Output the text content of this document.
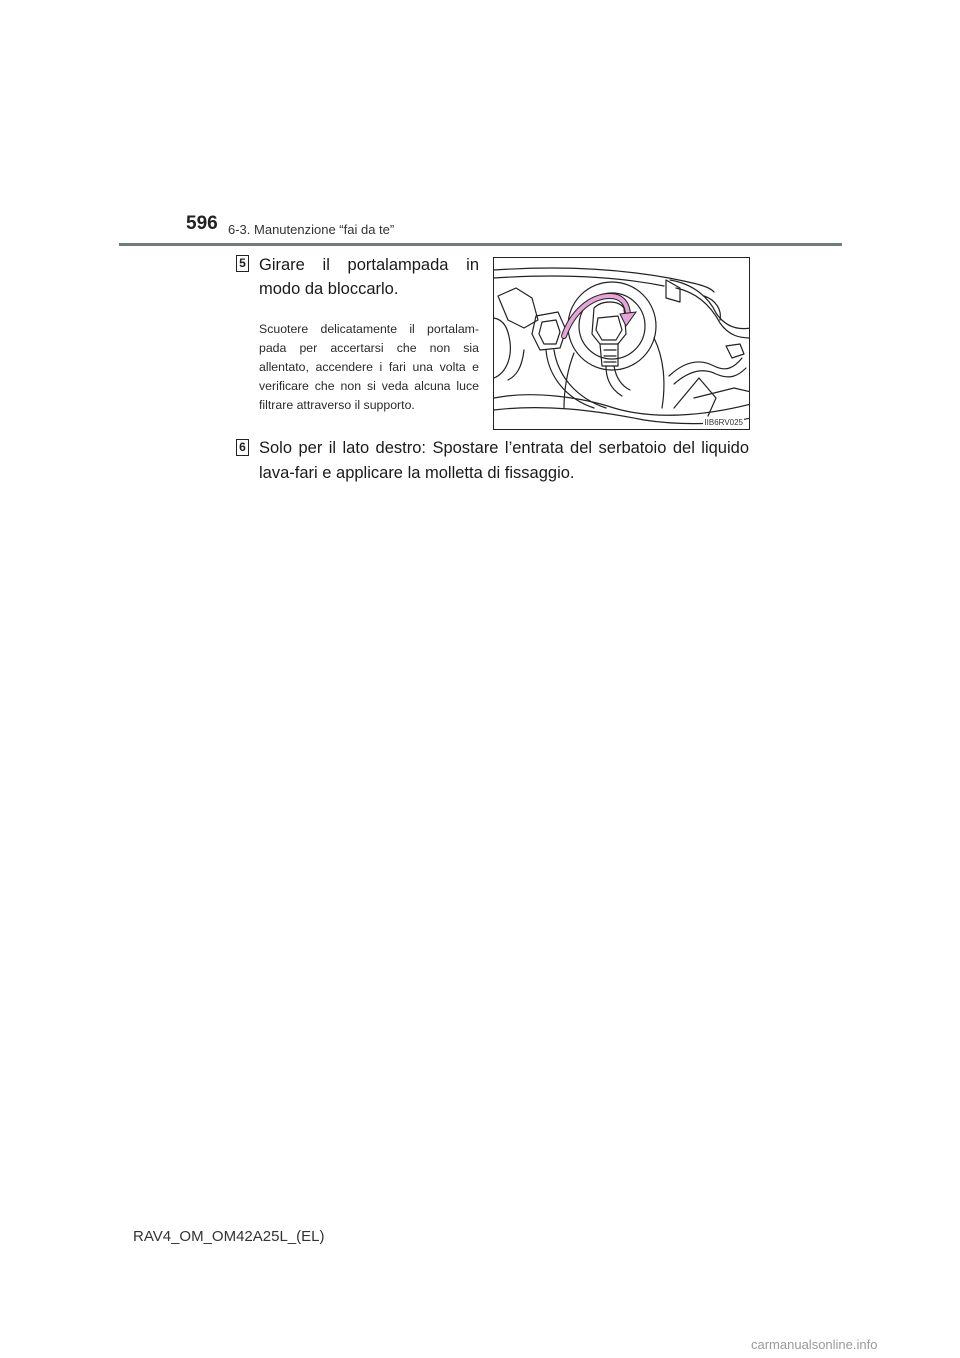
596 6-3. Manutenzione “fai da te”
5 Girare il portalampada in modo da bloccarlo.
Scuotere delicatamente il portalam-pada per accertarsi che non sia allentato, accendere i fari una volta e verificare che non si veda alcuna luce filtrare attraverso il supporto.
IIB6RV025
6 Solo per il lato destro: Spostare l’entrata del serbatoio del liquido lava-fari e applicare la molletta di fissaggio.
RAV4_OM_OM42A25L_(EL)
carmanualsonline.info
